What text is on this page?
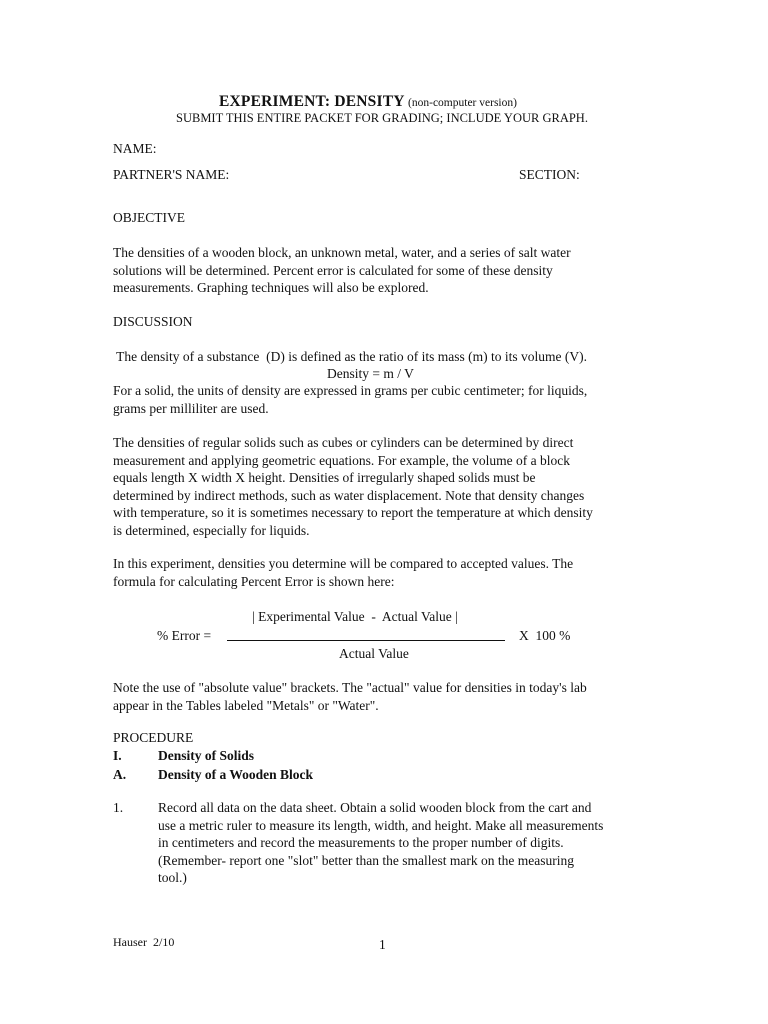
EXPERIMENT: DENSITY (non-computer version)
SUBMIT THIS ENTIRE PACKET FOR GRADING; INCLUDE YOUR GRAPH.
NAME:
PARTNER'S NAME:	SECTION:
OBJECTIVE
The densities of a wooden block, an unknown metal, water, and a series of salt water
solutions will be determined. Percent error is calculated for some of these density
measurements. Graphing techniques will also be explored.
DISCUSSION
The density of a substance  (D) is defined as the ratio of its mass (m) to its volume (V).
Density = m / V
For a solid, the units of density are expressed in grams per cubic centimeter; for liquids,
grams per milliliter are used.
The densities of regular solids such as cubes or cylinders can be determined by direct
measurement and applying geometric equations. For example, the volume of a block
equals length X width X height. Densities of irregularly shaped solids must be
determined by indirect methods, such as water displacement. Note that density changes
with temperature, so it is sometimes necessary to report the temperature at which density
is determined, especially for liquids.
In this experiment, densities you determine will be compared to accepted values. The
formula for calculating Percent Error is shown here:
| Experimental Value  -  Actual Value |
% Error =	X  100 %
Actual Value
Note the use of "absolute value" brackets. The "actual" value for densities in today's lab
appear in the Tables labeled "Metals" or "Water".
PROCEDURE
I.	Density of Solids
A. Density of a Wooden Block
1.	Record all data on the data sheet. Obtain a solid wooden block from the cart and
use a metric ruler to measure its length, width, and height. Make all measurements
in centimeters and record the measurements to the proper number of digits.
(Remember- report one "slot" better than the smallest mark on the measuring
tool.)
Hauser  2/10	1
